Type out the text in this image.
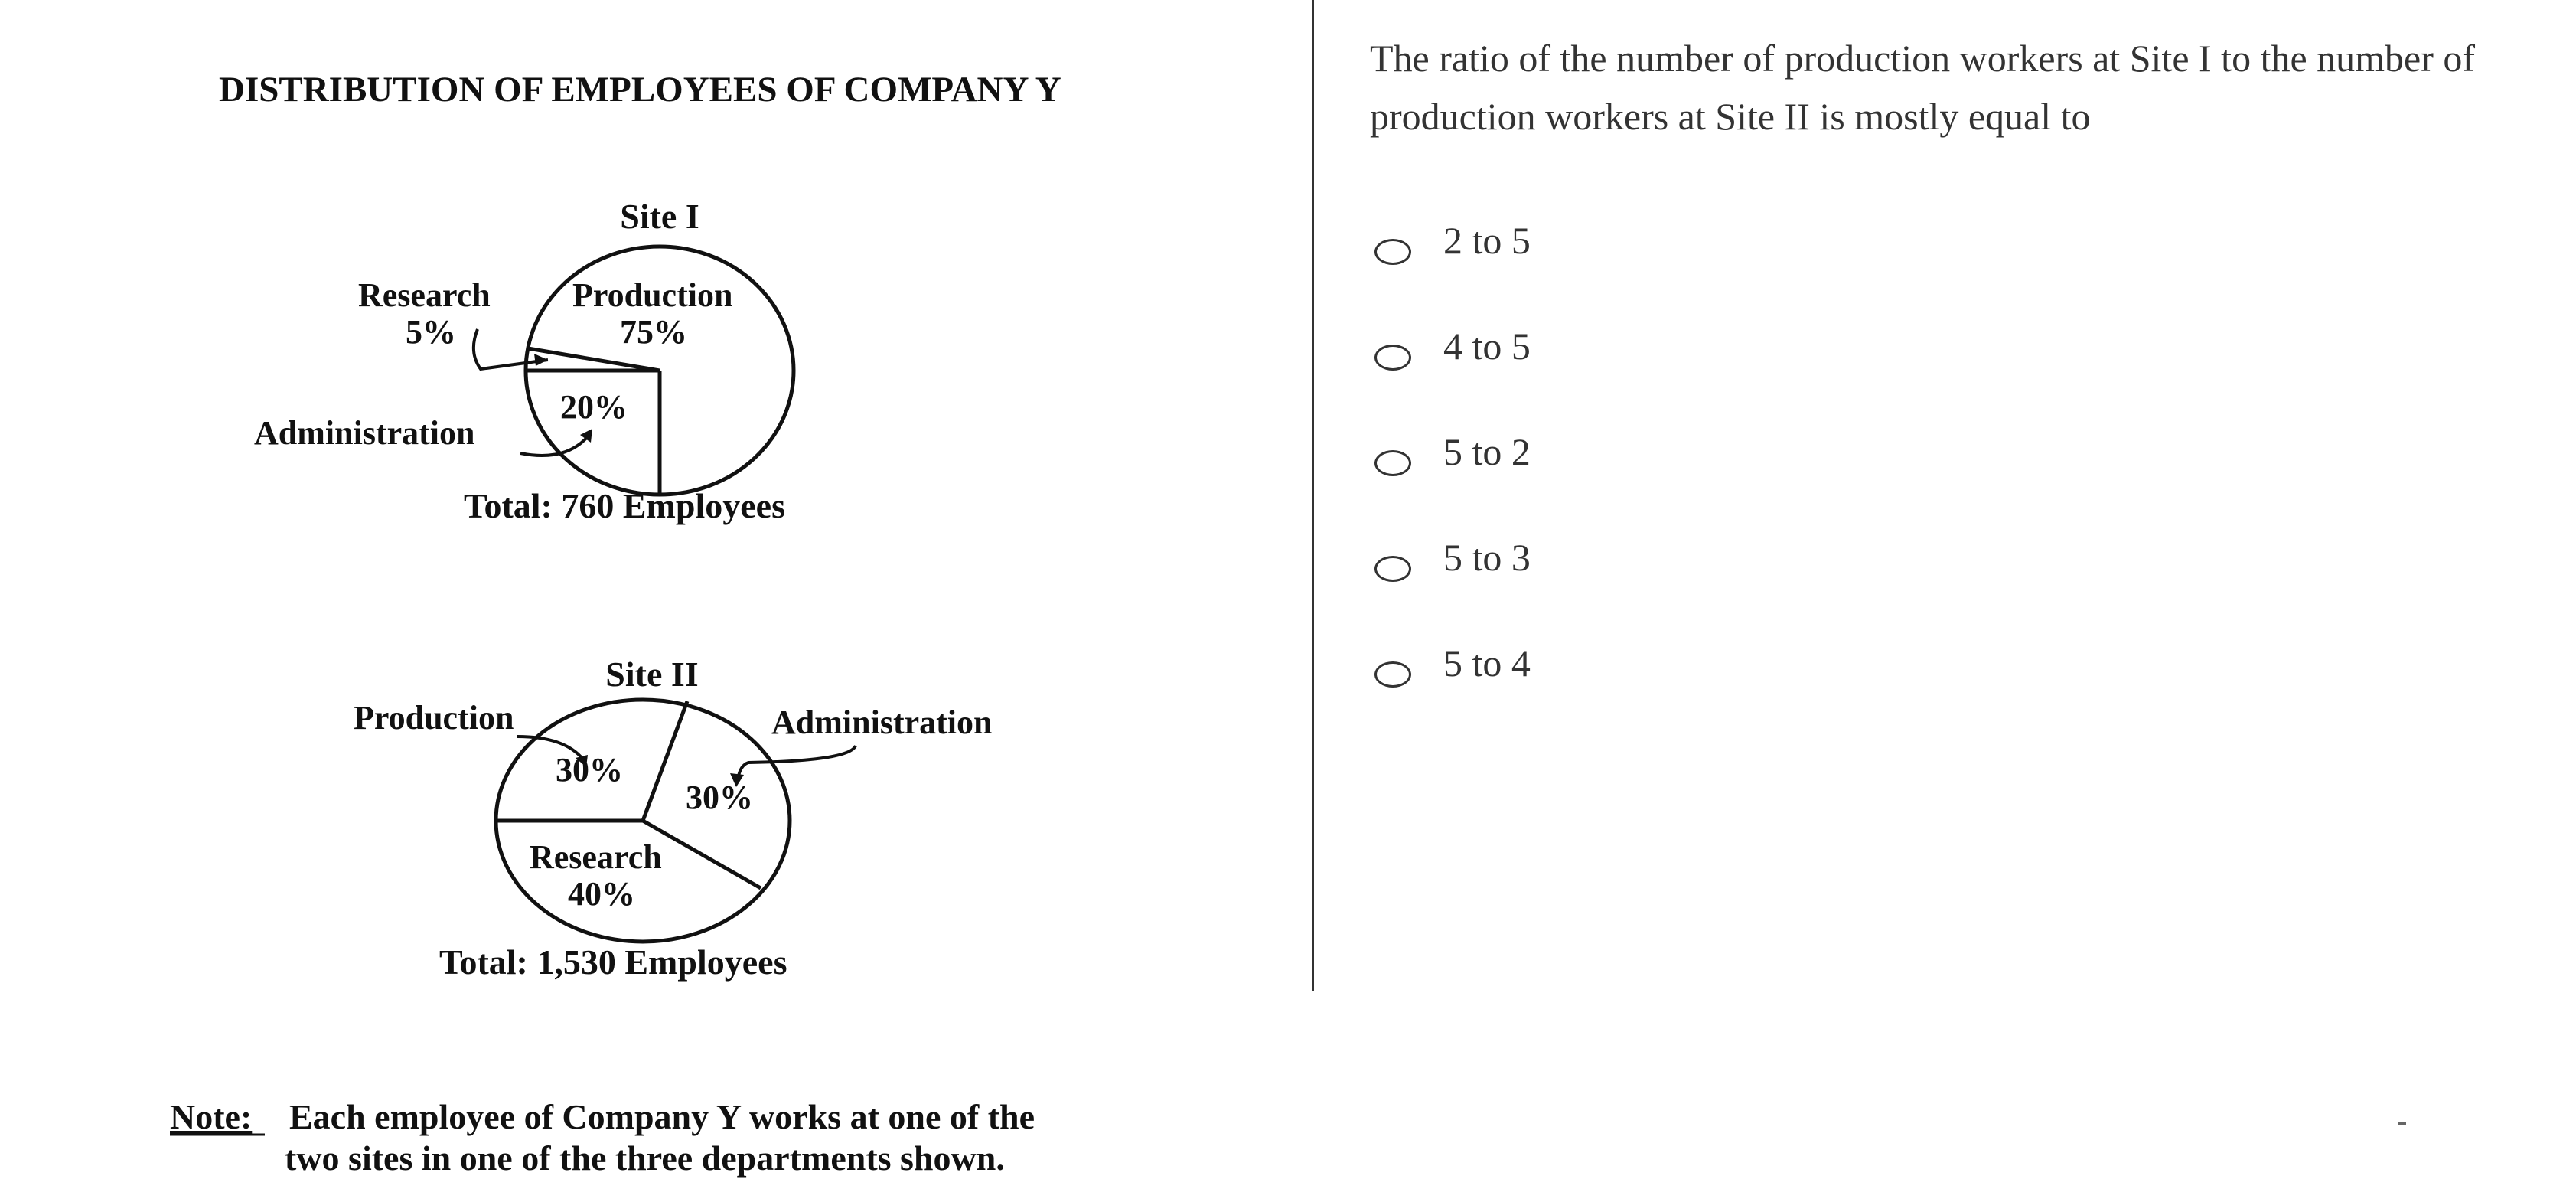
DISTRIBUTION OF EMPLOYEES OF COMPANY Y
Site I
Production
75%
Research
5%
20%
Administration
Total: 760 Employees
Site II
Production
30%
Administration
30%
Research
40%
Total: 1,530 Employees
Note: Each employee of Company Y works at one of the
two sites in one of the three departments shown.

The ratio of the number of production workers at Site I to the number of production workers at Site II is mostly equal to

2 to 5
4 to 5
5 to 2
5 to 3
5 to 4
